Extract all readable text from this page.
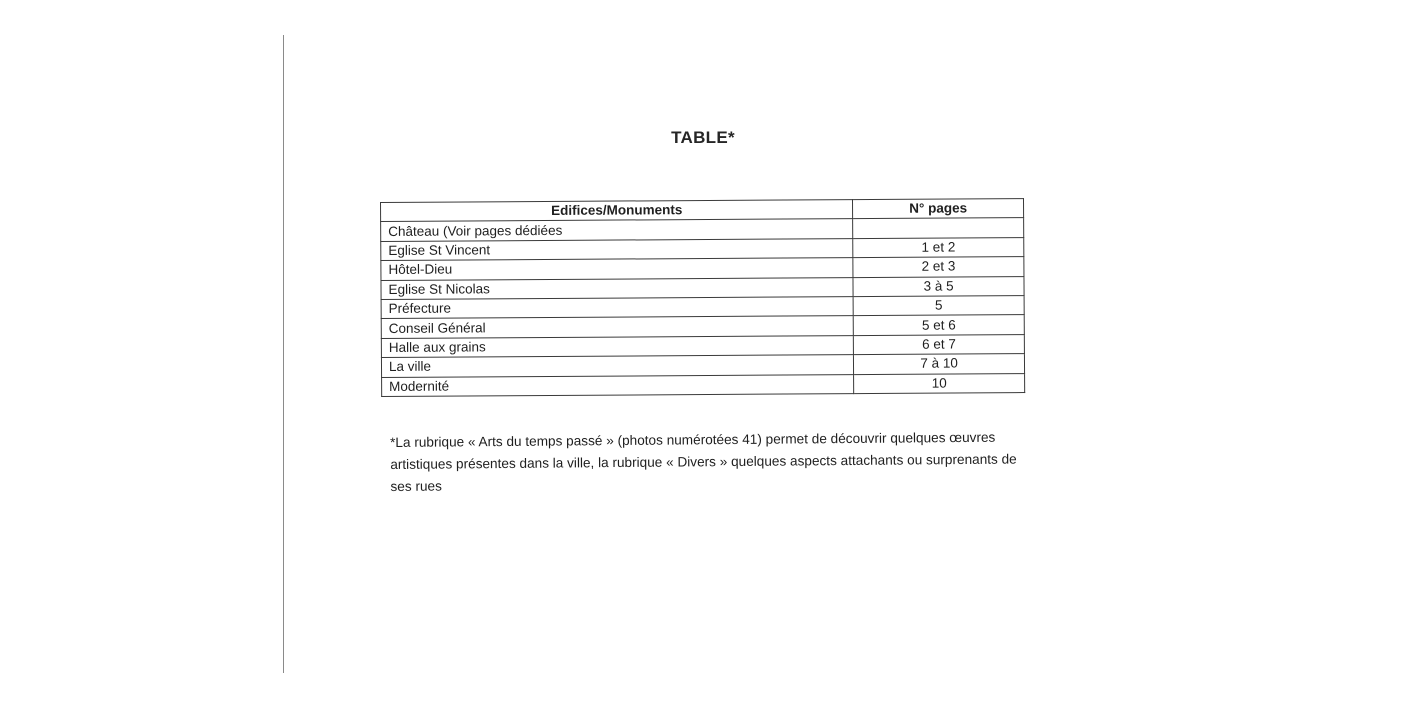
TABLE*
Edifices/Monuments	N° pages
Château (Voir pages dédiées	
Eglise St Vincent	1 et 2
Hôtel-Dieu	2 et 3
Eglise St Nicolas	3 à 5
Préfecture	5
Conseil Général	5 et 6
Halle aux grains	6 et 7
La ville	7 à 10
Modernité	10
*La rubrique « Arts du temps passé » (photos numérotées 41) permet de découvrir quelques œuvres artistiques présentes dans la ville, la rubrique « Divers » quelques aspects attachants ou surprenants de ses rues
